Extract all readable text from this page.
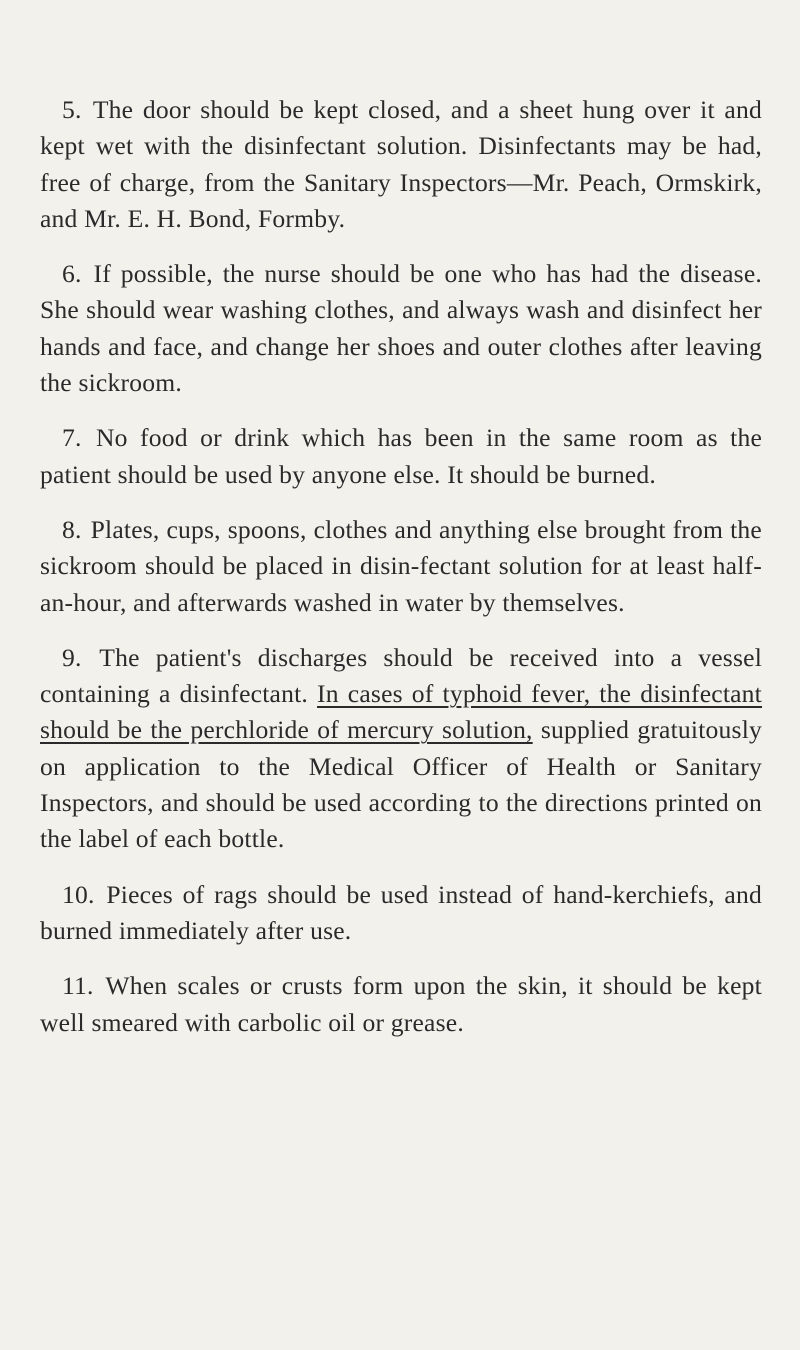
5. The door should be kept closed, and a sheet hung over it and kept wet with the disinfectant solution. Disinfectants may be had, free of charge, from the Sanitary Inspectors—Mr. Peach, Ormskirk, and Mr. E. H. Bond, Formby.

6. If possible, the nurse should be one who has had the disease. She should wear washing clothes, and always wash and disinfect her hands and face, and change her shoes and outer clothes after leaving the sickroom.

7. No food or drink which has been in the same room as the patient should be used by anyone else. It should be burned.

8. Plates, cups, spoons, clothes and anything else brought from the sickroom should be placed in disin-fectant solution for at least half-an-hour, and afterwards washed in water by themselves.

9. The patient's discharges should be received into a vessel containing a disinfectant. In cases of typhoid fever, the disinfectant should be the perchloride of mercury solution, supplied gratuitously on application to the Medical Officer of Health or Sanitary Inspectors, and should be used according to the directions printed on the label of each bottle.

10. Pieces of rags should be used instead of hand-kerchiefs, and burned immediately after use.

11. When scales or crusts form upon the skin, it should be kept well smeared with carbolic oil or grease.
